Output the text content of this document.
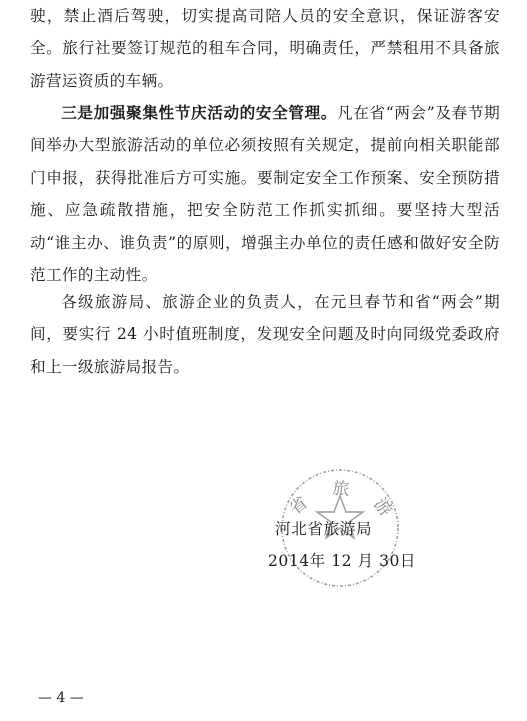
驶，禁止酒后驾驶，切实提高司陪人员的安全意识，保证游客安全。旅行社要签订规范的租车合同，明确责任，严禁租用不具备旅游营运资质的车辆。

三是加强聚集性节庆活动的安全管理。凡在省“两会”及春节期间举办大型旅游活动的单位必须按照有关规定，提前向相关职能部门申报，获得批准后方可实施。要制定安全工作预案、安全预防措施、应急疏散措施，把安全防范工作抓实抓细。要坚持大型活动“谁主办、谁负责”的原则，增强主办单位的责任感和做好安全防范工作的主动性。

各级旅游局、旅游企业的负责人，在元旦春节和省“两会”期间，要实行 24 小时值班制度，发现安全问题及时向同级党委政府和上一级旅游局报告。

省 旅 游
河北省旅游局
2014年 12 月 30日
— 4 —
